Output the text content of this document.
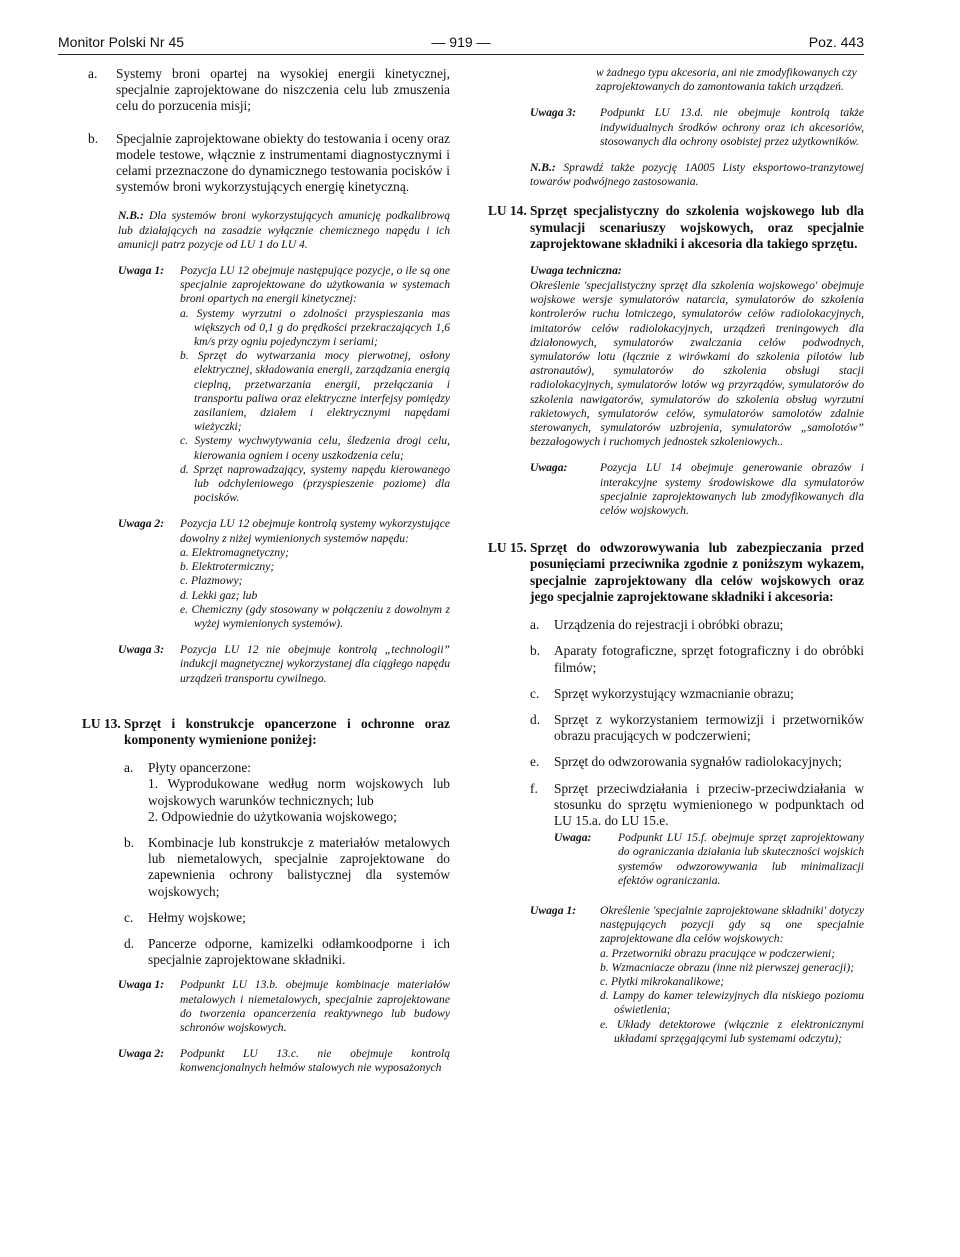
Monitor Polski Nr 45	— 919 —	Poz. 443
a. Systemy broni opartej na wysokiej energii kinetycznej, specjalnie zaprojektowane do niszczenia celu lub zmuszenia celu do porzucenia misji;
b. Specjalnie zaprojektowane obiekty do testowania i oceny oraz modele testowe, włącznie z instrumentami diagnostycznymi i celami przeznaczone do dynamicznego testowania pocisków i systemów broni wykorzystujących energię kinetyczną.
N.B.: Dla systemów broni wykorzystujących amunicję podkalibrową lub działających na zasadzie wyłącznie chemicznego napędu i ich amunicji patrz pozycje od LU 1 do LU 4.
Uwaga 1: Pozycja LU 12 obejmuje następujące pozycje, o ile są one specjalnie zaprojektowane do użytkowania w systemach broni opartych na energii kinetycznej:
a. Systemy wyrzutni o zdolności przyspieszania mas większych od 0,1 g do prędkości przekraczających 1,6 km/s przy ogniu pojedynczym i seriami;
b. Sprzęt do wytwarzania mocy pierwotnej, osłony elektrycznej, składowania energii, zarządzania energią cieplną, przetwarzania energii, przełączania i transportu paliwa oraz elektryczne interfejsy pomiędzy zasilaniem, działem i elektrycznymi napędami wieżyczki;
c. Systemy wychwytywania celu, śledzenia drogi celu, kierowania ogniem i oceny uszkodzenia celu;
d. Sprzęt naprowadzający, systemy napędu kierowanego lub odchyleniowego (przyspieszenie poziome) dla pocisków.
Uwaga 2: Pozycja LU 12 obejmuje kontrolą systemy wykorzystujące dowolny z niżej wymienionych systemów napędu:
a. Elektromagnetyczny;
b. Elektrotermiczny;
c. Plazmowy;
d. Lekki gaz; lub
e. Chemiczny (gdy stosowany w połączeniu z dowolnym z wyżej wymienionych systemów).
Uwaga 3: Pozycja LU 12 nie obejmuje kontrolą „technologii” indukcji magnetycznej wykorzystanej dla ciągłego napędu urządzeń transportu cywilnego.
LU 13. Sprzęt i konstrukcje opancerzone i ochronne oraz komponenty wymienione poniżej:
a. Płyty opancerzone:
1. Wyprodukowane według norm wojskowych lub wojskowych warunków technicznych; lub
2. Odpowiednie do użytkowania wojskowego;
b. Kombinacje lub konstrukcje z materiałów metalowych lub niemetalowych, specjalnie zaprojektowane do zapewnienia ochrony balistycznej dla systemów wojskowych;
c. Hełmy wojskowe;
d. Pancerze odporne, kamizelki odłamkoodporne i ich specjalnie zaprojektowane składniki.
Uwaga 1: Podpunkt LU 13.b. obejmuje kombinacje materiałów metalowych i niemetalowych, specjalnie zaprojektowane do tworzenia opancerzenia reaktywnego lub budowy schronów wojskowych.
Uwaga 2: Podpunkt LU 13.c. nie obejmuje kontrolą konwencjonalnych hełmów stalowych nie wyposażonych
w żadnego typu akcesoria, ani nie zmodyfikowanych czy zaprojektowanych do zamontowania takich urządzeń.
Uwaga 3: Podpunkt LU 13.d. nie obejmuje kontrolą także indywidualnych środków ochrony oraz ich akcesoriów, stosowanych dla ochrony osobistej przez użytkowników.
N.B.: Sprawdź także pozycję 1A005 Listy eksportowo-tranzytowej towarów podwójnego zastosowania.
LU 14. Sprzęt specjalistyczny do szkolenia wojskowego lub dla symulacji scenariuszy wojskowych, oraz specjalnie zaprojektowane składniki i akcesoria dla takiego sprzętu.
Uwaga techniczna:
Określenie 'specjalistyczny sprzęt dla szkolenia wojskowego' obejmuje wojskowe wersje symulatorów natarcia, symulatorów do szkolenia kontrolerów ruchu lotniczego, symulatorów celów radiolokacyjnych, imitatorów celów radiolokacyjnych, urządzeń treningowych dla działonowych, symulatorów zwalczania celów podwodnych, symulatorów lotu (łącznie z wirówkami do szkolenia pilotów lub astronautów), symulatorów do szkolenia obsługi stacji radiolokacyjnych, symulatorów lotów wg przyrządów, symulatorów do szkolenia nawigatorów, symulatorów do szkolenia obsług wyrzutni rakietowych, symulatorów celów, symulatorów samolotów zdalnie sterowanych, symulatorów uzbrojenia, symulatorów „samolotów” bezzałogowych i ruchomych jednostek szkoleniowych..
Uwaga:	Pozycja LU 14 obejmuje generowanie obrazów i interakcyjne systemy środowiskowe dla symulatorów specjalnie zaprojektowanych lub zmodyfikowanych dla celów wojskowych.
LU 15. Sprzęt do odwzorowywania lub zabezpieczania przed posunięciami przeciwnika zgodnie z poniższym wykazem, specjalnie zaprojektowany dla celów wojskowych oraz jego specjalnie zaprojektowane składniki i akcesoria:
a. Urządzenia do rejestracji i obróbki obrazu;
b. Aparaty fotograficzne, sprzęt fotograficzny i do obróbki filmów;
c. Sprzęt wykorzystujący wzmacnianie obrazu;
d. Sprzęt z wykorzystaniem termowizji i przetworników obrazu pracujących w podczerwieni;
e. Sprzęt do odwzorowania sygnałów radiolokacyjnych;
f. Sprzęt przeciwdziałania i przeciw-przeciwdziałania w stosunku do sprzętu wymienionego w podpunktach od LU 15.a. do LU 15.e.
Uwaga: Podpunkt LU 15.f. obejmuje sprzęt zaprojektowany do ograniczania działania lub skuteczności wojskich systemów odwzorowywania lub minimalizacji efektów ograniczania.
Uwaga 1: Określenie 'specjalnie zaprojektowane składniki' dotyczy następujących pozycji gdy są one specjalnie zaprojektowane dla celów wojskowych:
a. Przetworniki obrazu pracujące w podczerwieni;
b. Wzmacniacze obrazu (inne niż pierwszej generacji);
c. Płytki mikrokanalikowe;
d. Lampy do kamer telewizyjnych dla niskiego poziomu oświetlenia;
e. Układy detektorowe (włącznie z elektronicznymi układami sprzęgającymi lub systemami odczytu);
